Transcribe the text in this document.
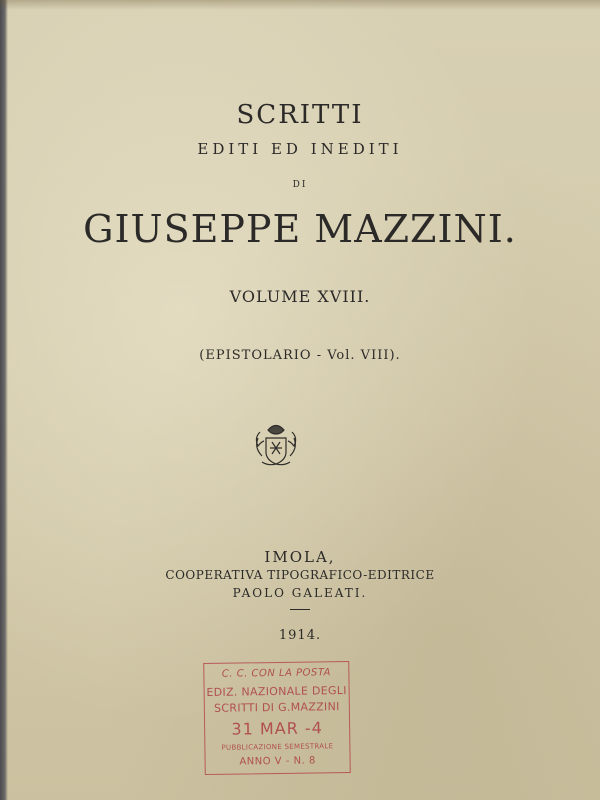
SCRITTI
EDITI ED INEDITI
DI
GIUSEPPE MAZZINI.
VOLUME XVIII.
(EPISTOLARIO - Vol. VIII).
IMOLA,
COOPERATIVA TIPOGRAFICO-EDITRICE
PAOLO GALEATI.
1914.
C. C. CON LA POSTA
EDIZ. NAZIONALE DEGLI
SCRITTI DI G.MAZZINI
31 MAR -4
PUBBLICAZIONE SEMESTRALE
ANNO V - N. 8
